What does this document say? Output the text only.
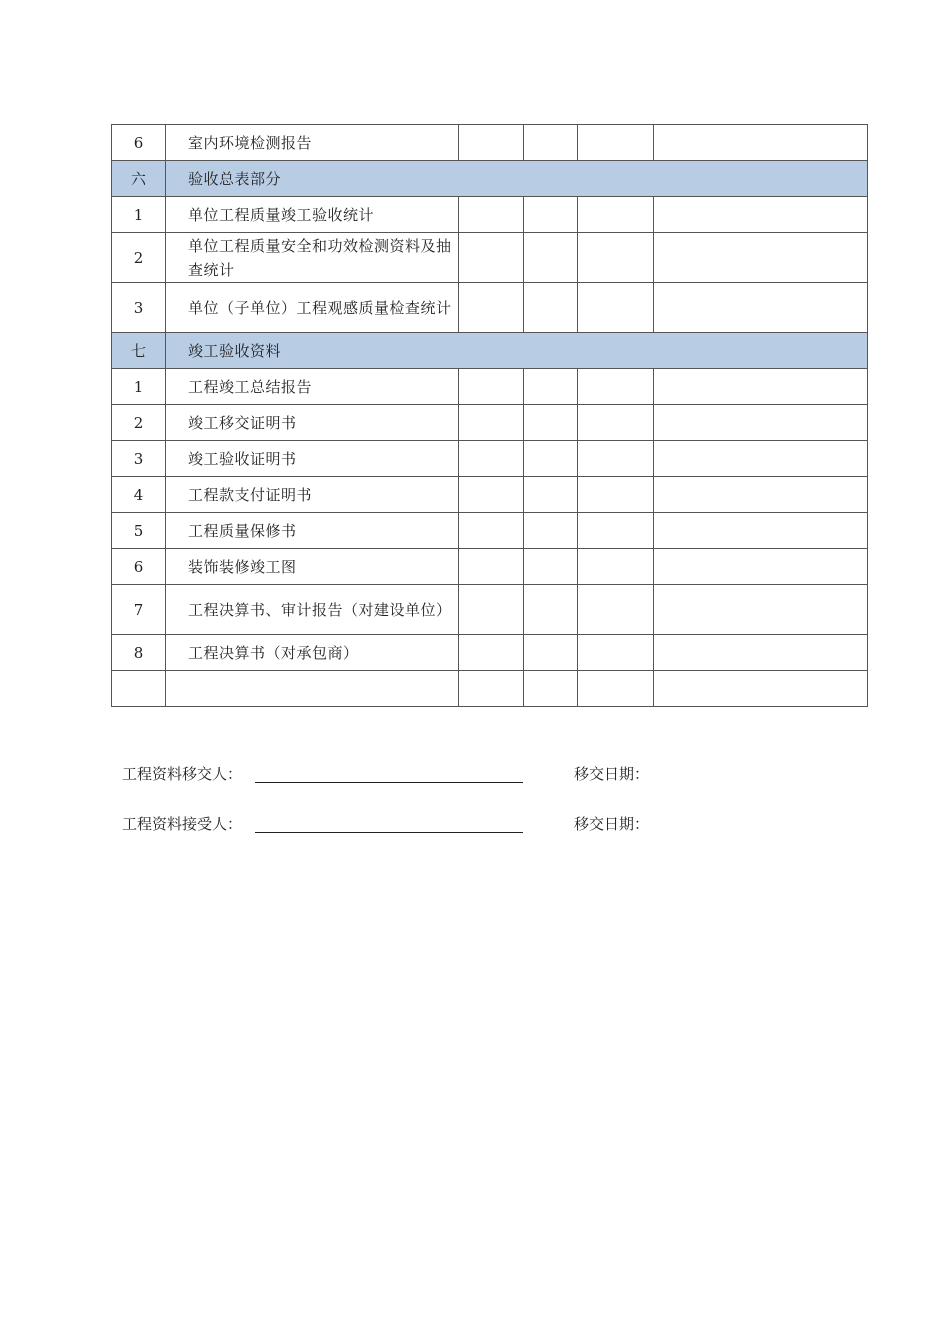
6	室内环境检测报告				
六	验收总表部分				
1	单位工程质量竣工验收统计				
2	单位工程质量安全和功效检测资料及抽查统计				
3	单位（子单位）工程观感质量检查统计				
七	竣工验收资料				
1	工程竣工总结报告				
2	竣工移交证明书				
3	竣工验收证明书				
4	工程款支付证明书				
5	工程质量保修书				
6	装饰装修竣工图				
7	工程决算书、审计报告（对建设单位）				
8	工程决算书（对承包商）				

工程资料移交人：	移交日期：
工程资料接受人：	移交日期：
